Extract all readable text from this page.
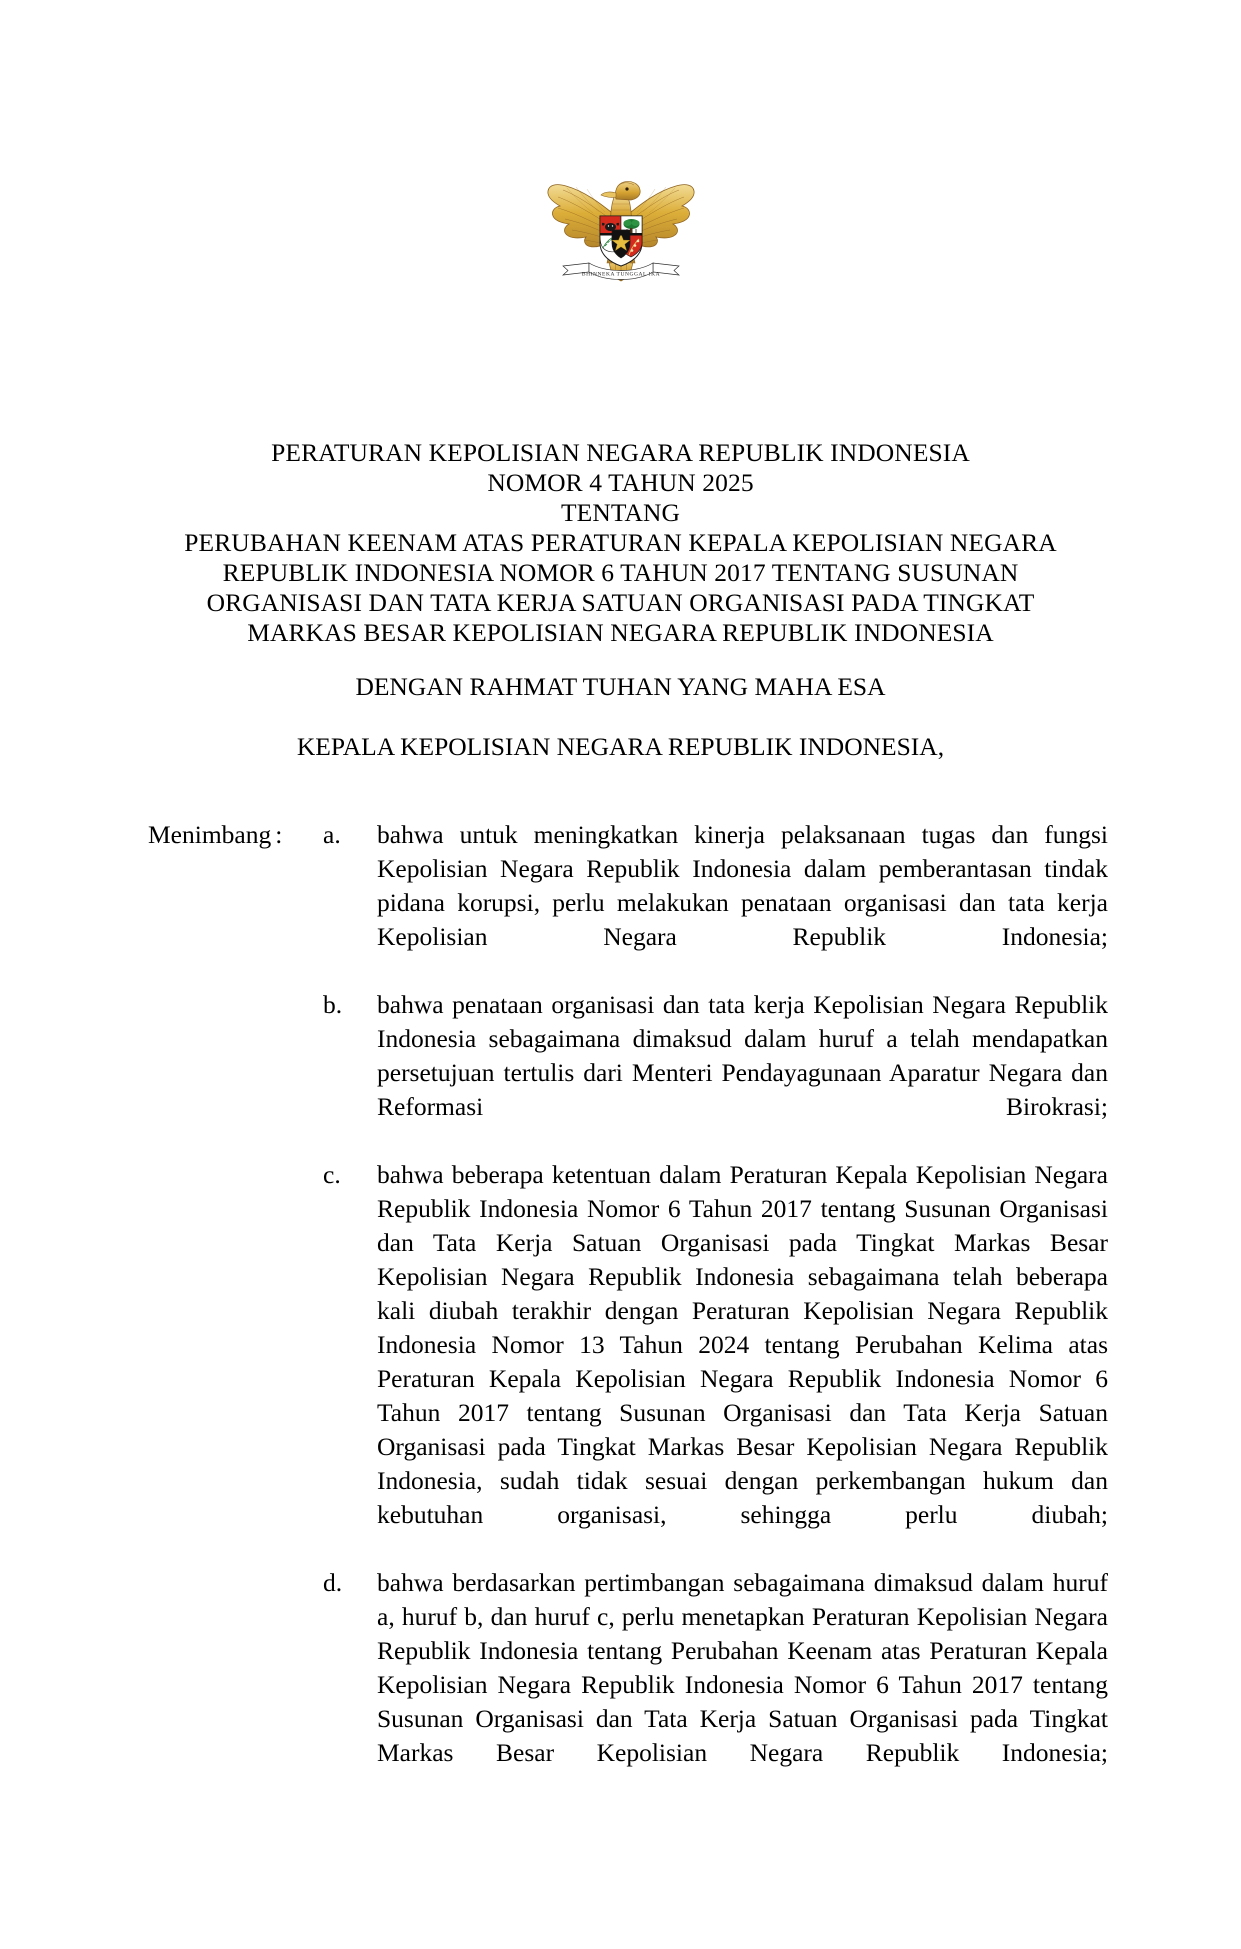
BHINNEKA TUNGGAL IKA
PERATURAN KEPOLISIAN NEGARA REPUBLIK INDONESIA
NOMOR 4 TAHUN 2025
TENTANG
PERUBAHAN KEENAM ATAS PERATURAN KEPALA KEPOLISIAN NEGARA
REPUBLIK INDONESIA NOMOR 6 TAHUN 2017 TENTANG SUSUNAN
ORGANISASI DAN TATA KERJA SATUAN ORGANISASI PADA TINGKAT
MARKAS BESAR KEPOLISIAN NEGARA REPUBLIK INDONESIA
DENGAN RAHMAT TUHAN YANG MAHA ESA
KEPALA KEPOLISIAN NEGARA REPUBLIK INDONESIA,
Menimbang :	a.	bahwa untuk meningkatkan kinerja pelaksanaan tugas dan fungsi Kepolisian Negara Republik Indonesia dalam pemberantasan tindak pidana korupsi, perlu melakukan penataan organisasi dan tata kerja Kepolisian Negara Republik Indonesia;
b.	bahwa penataan organisasi dan tata kerja Kepolisian Negara Republik Indonesia sebagaimana dimaksud dalam huruf a telah mendapatkan persetujuan tertulis dari Menteri Pendayagunaan Aparatur Negara dan Reformasi Birokrasi;
c.	bahwa beberapa ketentuan dalam Peraturan Kepala Kepolisian Negara Republik Indonesia Nomor 6 Tahun 2017 tentang Susunan Organisasi dan Tata Kerja Satuan Organisasi pada Tingkat Markas Besar Kepolisian Negara Republik Indonesia sebagaimana telah beberapa kali diubah terakhir dengan Peraturan Kepolisian Negara Republik Indonesia Nomor 13 Tahun 2024 tentang Perubahan Kelima atas Peraturan Kepala Kepolisian Negara Republik Indonesia Nomor 6 Tahun 2017 tentang Susunan Organisasi dan Tata Kerja Satuan Organisasi pada Tingkat Markas Besar Kepolisian Negara Republik Indonesia, sudah tidak sesuai dengan perkembangan hukum dan kebutuhan organisasi, sehingga perlu diubah;
d.	bahwa berdasarkan pertimbangan sebagaimana dimaksud dalam huruf a, huruf b, dan huruf c, perlu menetapkan Peraturan Kepolisian Negara Republik Indonesia tentang Perubahan Keenam atas Peraturan Kepala Kepolisian Negara Republik Indonesia Nomor 6 Tahun 2017 tentang Susunan Organisasi dan Tata Kerja Satuan Organisasi pada Tingkat Markas Besar Kepolisian Negara Republik Indonesia;
